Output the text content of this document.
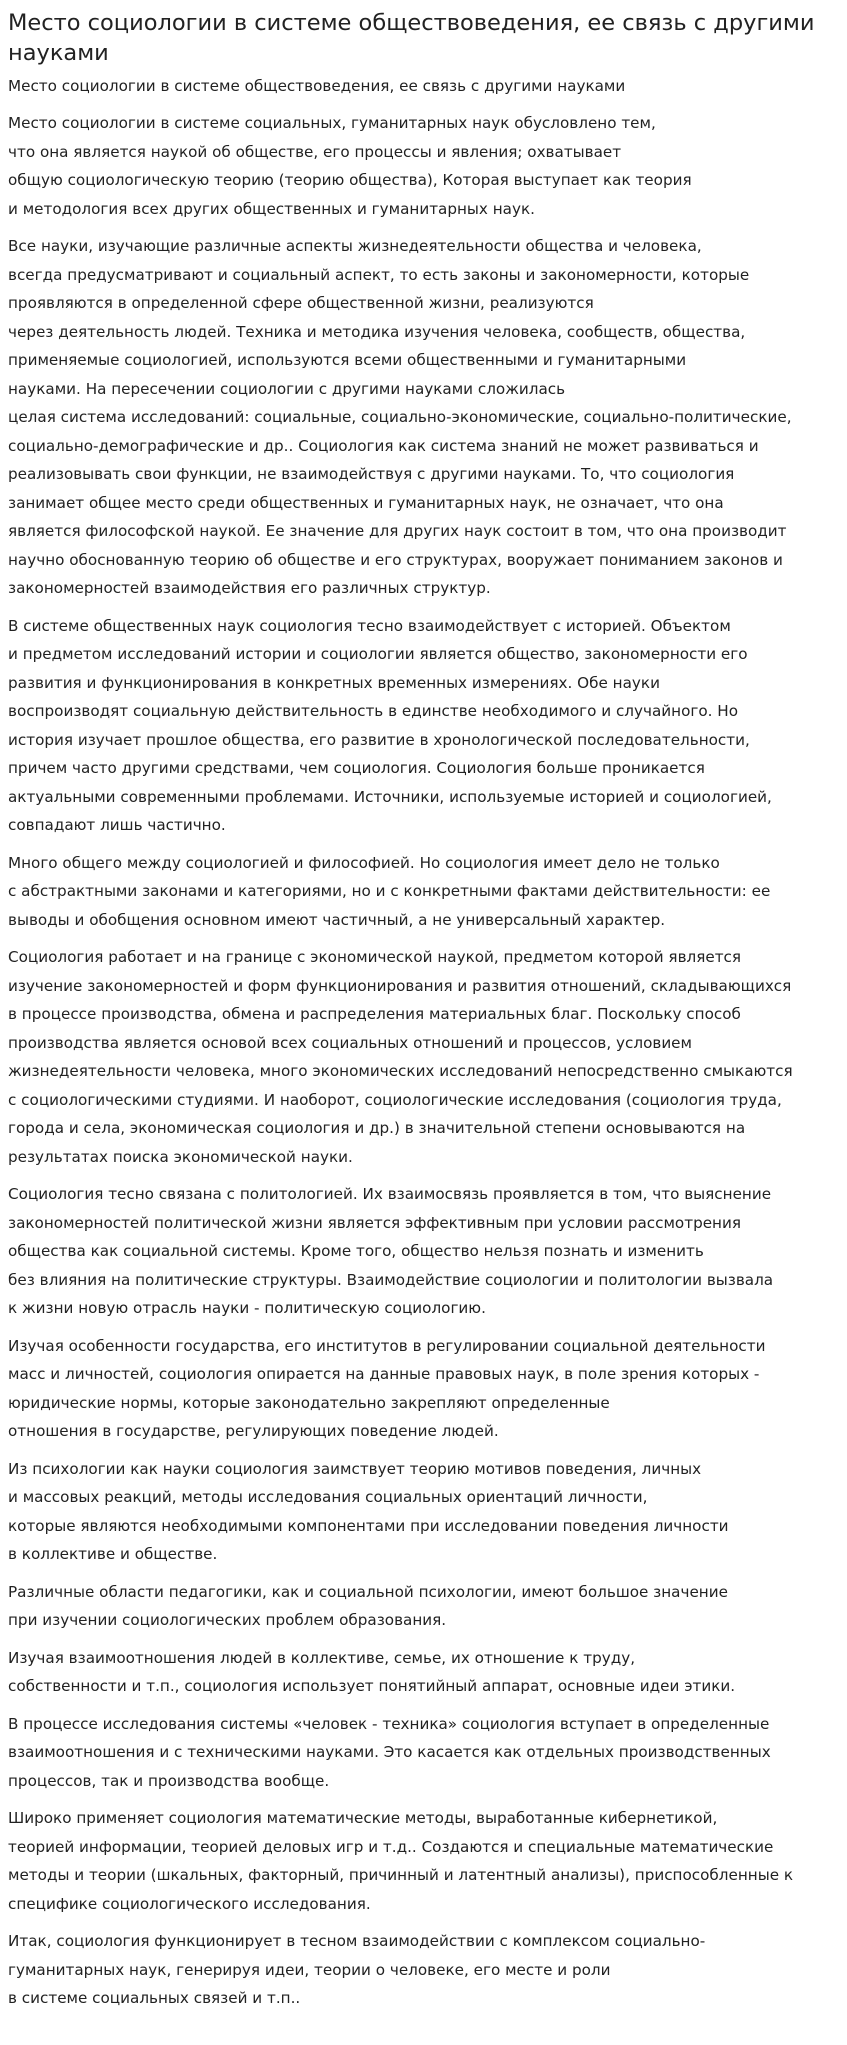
Место социологии в системе обществоведения, ее связь с другими науками
Место социологии в системе обществоведения, ее связь с другими науками

Место социологии в системе социальных, гуманитарных наук обусловлено тем,
что она является наукой об обществе, его процессы и явления; охватывает
общую социологическую теорию (теорию общества), Которая выступает как теория
и методология всех других общественных и гуманитарных наук.

Все науки, изучающие различные аспекты жизнедеятельности общества и человека,
всегда предусматривают и социальный аспект, то есть законы и закономерности, которые
проявляются в определенной сфере общественной жизни, реализуются
через деятельность людей. Техника и методика изучения человека, сообществ, общества,
применяемые социологией, используются всеми общественными и гуманитарными
науками. На пересечении социологии с другими науками сложилась
целая система исследований: социальные, социально-экономические, социально-политические,
социально-демографические и др.. Социология как система знаний не может развиваться и
реализовывать свои функции, не взаимодействуя с другими науками. То, что социология
занимает общее место среди общественных и гуманитарных наук, не означает, что она
является философской наукой. Ее значение для других наук состоит в том, что она производит
научно обоснованную теорию об обществе и его структурах, вооружает пониманием законов и
закономерностей взаимодействия его различных структур.

В системе общественных наук социология тесно взаимодействует с историей. Объектом
и предметом исследований истории и социологии является общество, закономерности его
развития и функционирования в конкретных временных измерениях. Обе науки
воспроизводят социальную действительность в единстве необходимого и случайного. Но
история изучает прошлое общества, его развитие в хронологической последовательности,
причем часто другими средствами, чем социология. Социология больше проникается
актуальными современными проблемами. Источники, используемые историей и социологией,
совпадают лишь частично.

Много общего между социологией и философией. Но социология имеет дело не только
с абстрактными законами и категориями, но и с конкретными фактами действительности: ее
выводы и обобщения основном имеют частичный, а не универсальный характер.

Социология работает и на границе с экономической наукой, предметом которой является
изучение закономерностей и форм функционирования и развития отношений, складывающихся
в процессе производства, обмена и распределения материальных благ. Поскольку способ
производства является основой всех социальных отношений и процессов, условием
жизнедеятельности человека, много экономических исследований непосредственно смыкаются
с социологическими студиями. И наоборот, социологические исследования (социология труда,
города и села, экономическая социология и др.) в значительной степени основываются на
результатах поиска экономической науки.

Социология тесно связана с политологией. Их взаимосвязь проявляется в том, что выяснение
закономерностей политической жизни является эффективным при условии рассмотрения
общества как социальной системы. Кроме того, общество нельзя познать и изменить
без влияния на политические структуры. Взаимодействие социологии и политологии вызвала
к жизни новую отрасль науки - политическую социологию.

Изучая особенности государства, его институтов в регулировании социальной деятельности
масс и личностей, социология опирается на данные правовых наук, в поле зрения которых -
юридические нормы, которые законодательно закрепляют определенные
отношения в государстве, регулирующих поведение людей.

Из психологии как науки социология заимствует теорию мотивов поведения, личных
и массовых реакций, методы исследования социальных ориентаций личности,
которые являются необходимыми компонентами при исследовании поведения личности
в коллективе и обществе.

Различные области педагогики, как и социальной психологии, имеют большое значение
при изучении социологических проблем образования.

Изучая взаимоотношения людей в коллективе, семье, их отношение к труду,
собственности и т.п., социология использует понятийный аппарат, основные идеи этики.

В процессе исследования системы «человек - техника» социология вступает в определенные
взаимоотношения и с техническими науками. Это касается как отдельных производственных
процессов, так и производства вообще.

Широко применяет социология математические методы, выработанные кибернетикой,
теорией информации, теорией деловых игр и т.д.. Создаются и специальные математические
методы и теории (шкальных, факторный, причинный и латентный анализы), приспособленные к
специфике социологического исследования.

Итак, социология функционирует в тесном взаимодействии с комплексом социально-
гуманитарных наук, генерируя идеи, теории о человеке, его месте и роли
в системе социальных связей и т.п..
